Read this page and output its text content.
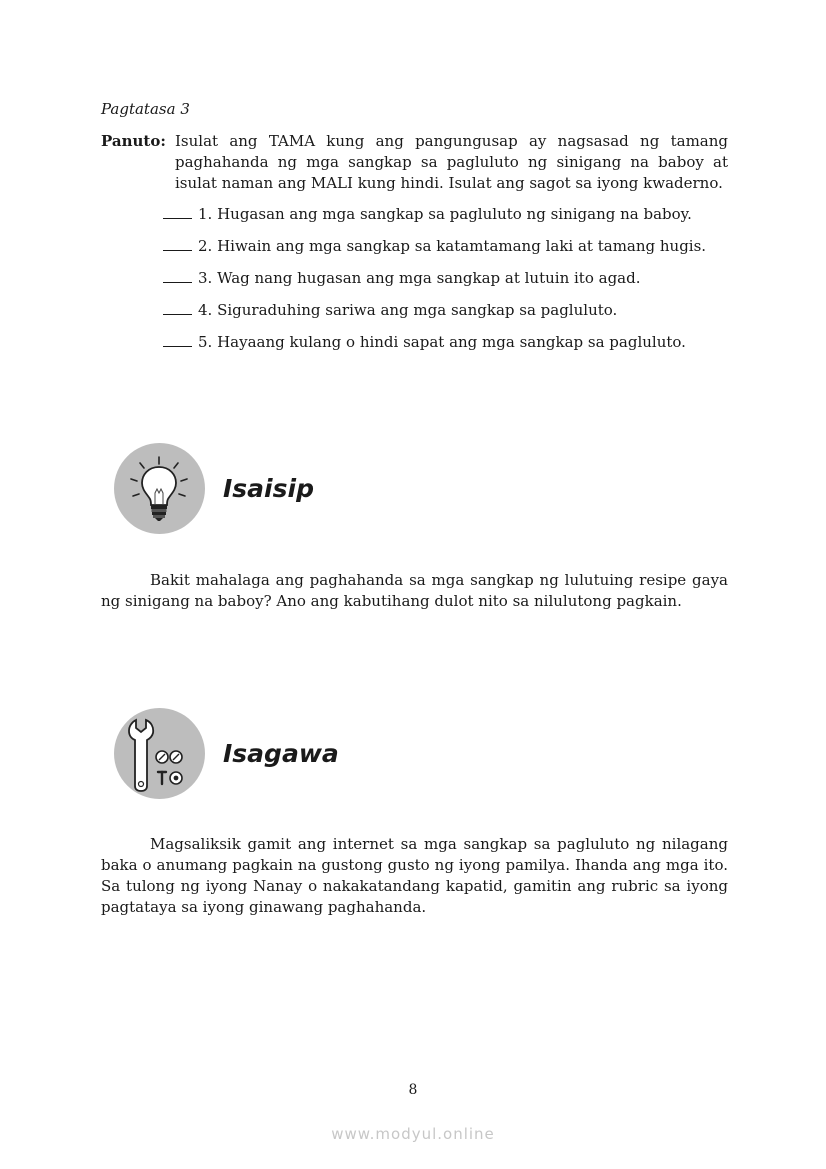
Pagtatasa 3
Panuto: Isulat ang TAMA kung ang pangungusap ay nagsasad ng tamang paghahanda ng mga sangkap sa pagluluto ng sinigang na baboy at isulat naman ang MALI kung hindi. Isulat ang sagot sa iyong kwaderno.
1. Hugasan ang mga sangkap sa pagluluto ng sinigang na baboy.
2. Hiwain ang mga sangkap sa katamtamang laki at tamang hugis.
3. Wag nang hugasan ang mga sangkap at lutuin ito agad.
4. Siguraduhing sariwa ang mga sangkap sa pagluluto.
5. Hayaang kulang o hindi sapat ang mga sangkap sa pagluluto.
Isaisip
Bakit mahalaga ang paghahanda sa mga sangkap ng lulutuing resipe gaya ng sinigang na baboy? Ano ang kabutihang dulot nito sa nilulutong pagkain.
Isagawa
Magsaliksik gamit ang internet sa mga sangkap sa pagluluto ng nilagang baka o anumang pagkain na gustong gusto ng iyong pamilya. Ihanda ang mga ito. Sa tulong ng iyong Nanay o nakakatandang kapatid, gamitin ang rubric sa iyong pagtataya sa iyong ginawang paghahanda.
8
www.modyul.online
